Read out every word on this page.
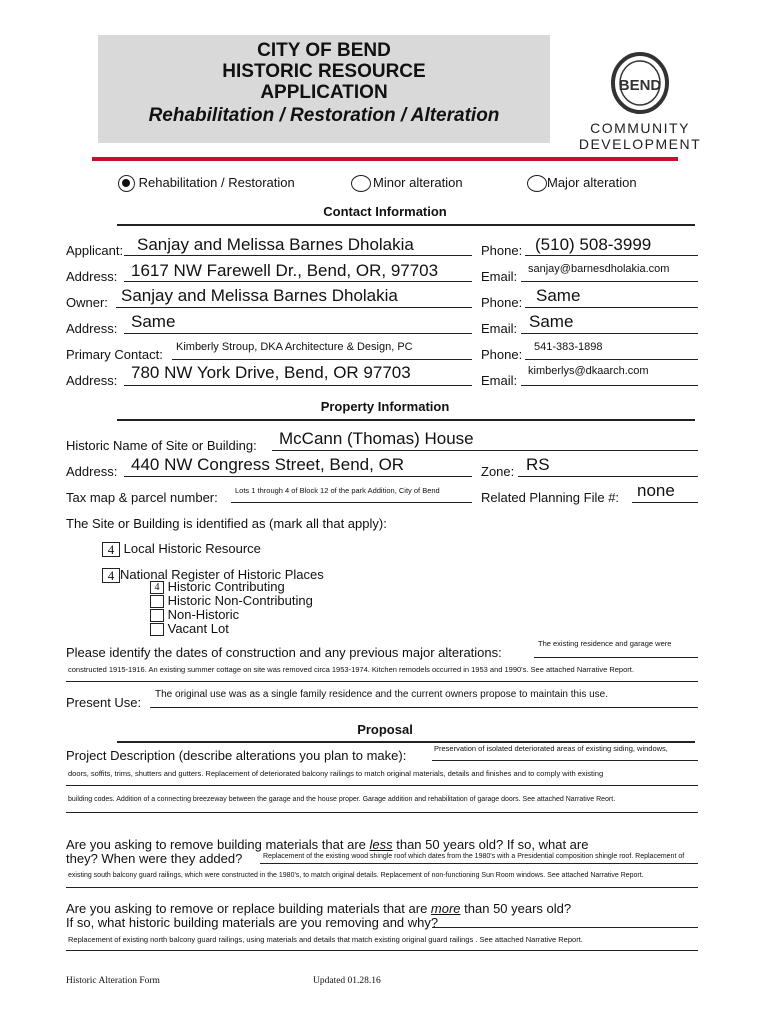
CITY OF BEND
HISTORIC RESOURCE
APPLICATION
Rehabilitation / Restoration / Alteration
BEND
COMMUNITY
DEVELOPMENT
Rehabilitation / Restoration	Minor alteration	Major alteration
Contact Information
Applicant: Sanjay and Melissa Barnes Dholakia	Phone: (510) 508-3999
Address: 1617 NW Farewell Dr., Bend, OR, 97703	Email: sanjay@barnesdholakia.com
Owner: Sanjay and Melissa Barnes Dholakia	Phone: Same
Address: Same	Email: Same
Primary Contact: Kimberly Stroup, DKA Architecture & Design, PC	Phone: 541-383-1898
Address: 780 NW York Drive, Bend, OR 97703	Email:
kimberlys@dkaarch.com
Property Information
Historic Name of Site or Building: McCann (Thomas) House
Address: 440 NW Congress Street, Bend, OR	Zone: RS
Tax map & parcel number: Lots 1 through 4 of Block 12 of the park Addition, City of Bend	Related Planning File #: none
The Site or Building is identified as (mark all that apply):
4 Local Historic Resource
4 National Register of Historic Places
4 Historic Contributing
Historic Non-Contributing
Non-Historic
Vacant Lot
Please identify the dates of construction and any previous major alterations:
The existing residence and garage were
constructed 1915-1916. An existing summer cottage on site was removed circa 1953-1974. Kitchen remodels occurred in 1953 and 1990's. See attached Narrative Report.
Present Use:
The original use was as a single family residence and the current owners propose to maintain this use.
Proposal
Project Description (describe alterations you plan to make):	Preservation of isolated deteriorated areas of existing siding, windows,
doors, soffits, trims, shutters and gutters. Replacement of deteriorated balcony railings to match original materials, details and finishes and to comply with existing
building codes. Addition of a connecting breezeway between the garage and the house proper. Garage addition and rehabilitation of garage doors. See attached Narrative Reort.
Are you asking to remove building materials that are less than 50 years old? If so, what are
they? When were they added?	Replacement of the existing wood shingle roof which dates from the 1980's with a Presidential composition shingle roof. Replacement of
existing south balcony guard railings, which were constructed in the 1980's, to match original details. Replacement of non-functioning Sun Room windows. See attached Narrative Report.
Are you asking to remove or replace building materials that are more than 50 years old?
If so, what historic building materials are you removing and why?
Replacement of existing north balcony guard railings, using materials and details that match existing original guard railings . See attached Narrative Report.
Historic Alteration Form	Updated 01.28.16
